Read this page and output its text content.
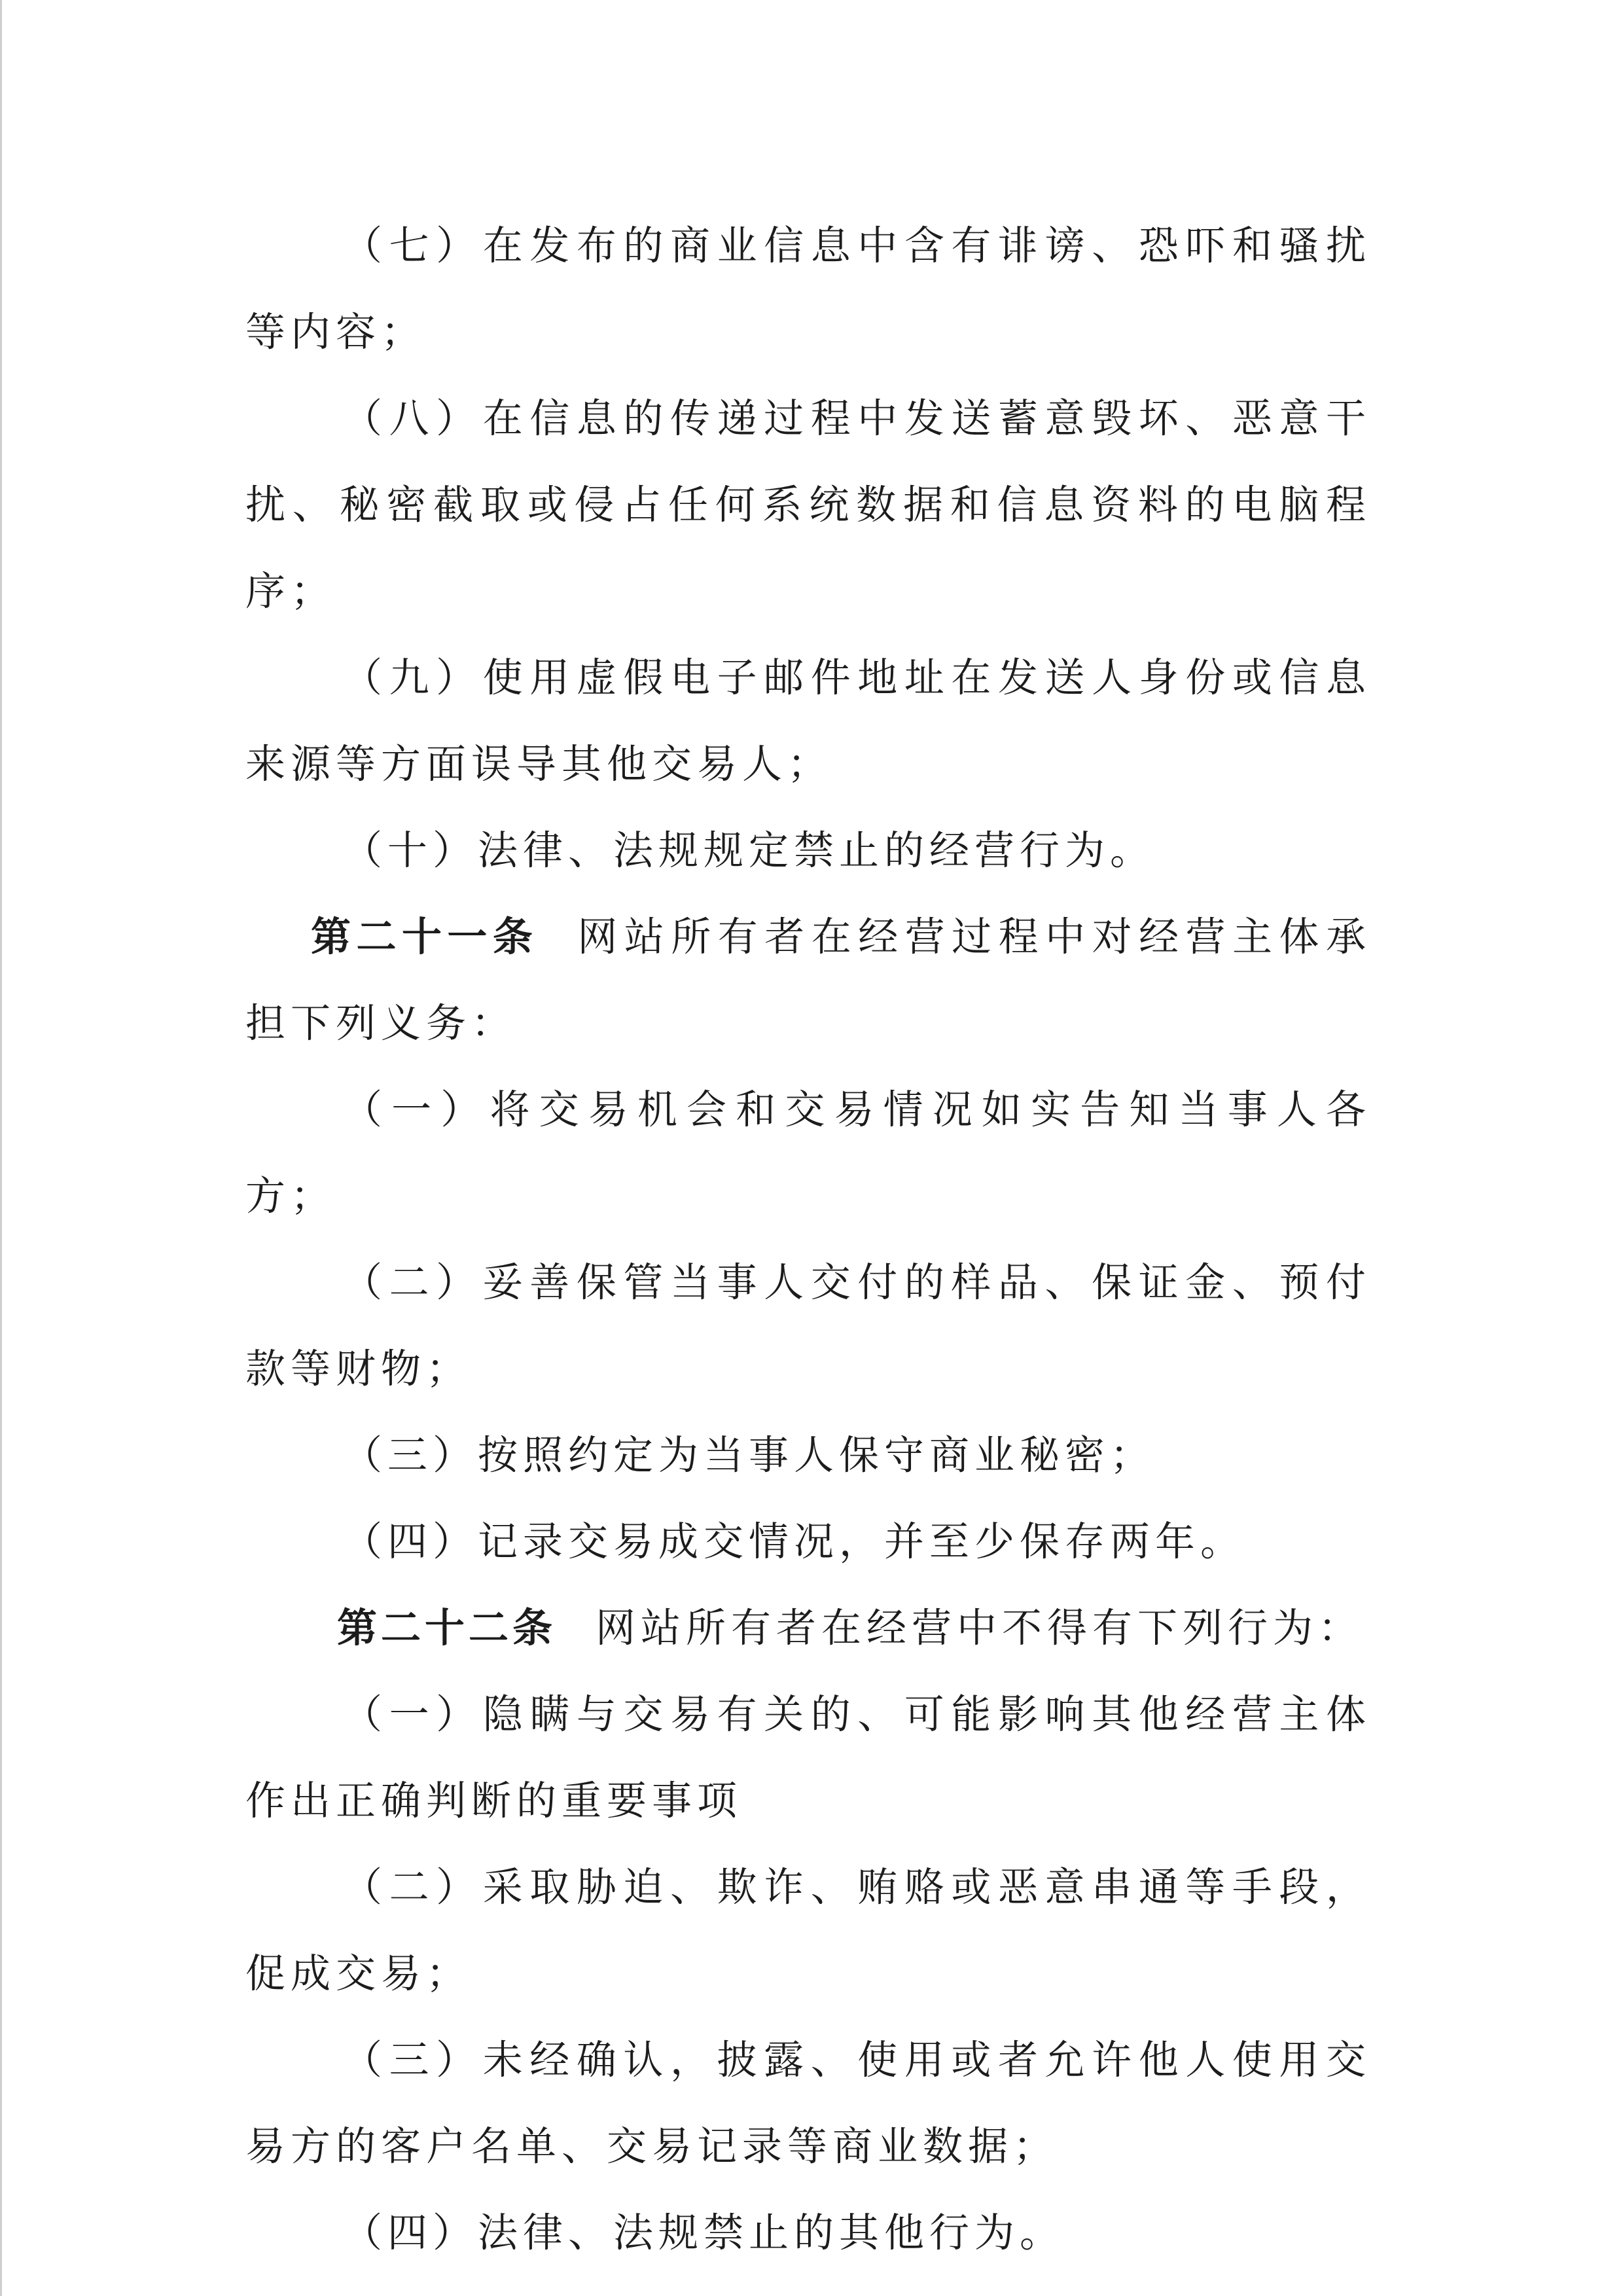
（七）在发布的商业信息中含有诽谤、恐吓和骚扰等内容；

（八）在信息的传递过程中发送蓄意毁坏、恶意干扰、秘密截取或侵占任何系统数据和信息资料的电脑程序；

（九）使用虚假电子邮件地址在发送人身份或信息来源等方面误导其他交易人；

（十）法律、法规规定禁止的经营行为。

第二十一条 网站所有者在经营过程中对经营主体承担下列义务：

（一）将交易机会和交易情况如实告知当事人各方；

（二）妥善保管当事人交付的样品、保证金、预付款等财物；

（三）按照约定为当事人保守商业秘密；

（四）记录交易成交情况，并至少保存两年。

第二十二条 网站所有者在经营中不得有下列行为：

（一）隐瞒与交易有关的、可能影响其他经营主体作出正确判断的重要事项

（二）采取胁迫、欺诈、贿赂或恶意串通等手段，促成交易；

（三）未经确认，披露、使用或者允许他人使用交易方的客户名单、交易记录等商业数据；

（四）法律、法规禁止的其他行为。
